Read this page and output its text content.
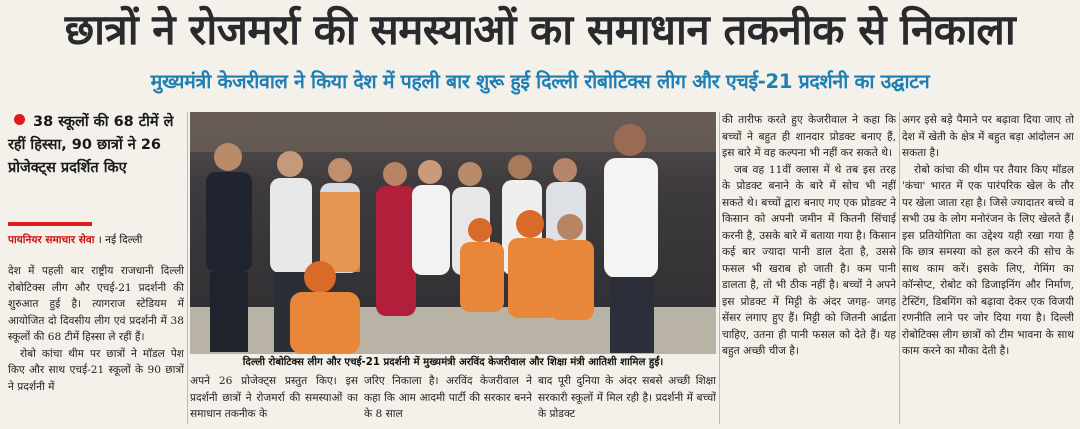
छात्रों ने रोजमर्रा की समस्याओं का समाधान तकनीक से निकाला
मुख्यमंत्री केजरीवाल ने किया देश में पहली बार शुरू हुई दिल्ली रोबोटिक्स लीग और एचई-21 प्रदर्शनी का उद्घाटन
38 स्कूलों की 68 टीमें ले रहीं हिस्सा, 90 छात्रों ने 26 प्रोजेक्ट्स प्रदर्शित किए
पायनियर समाचार सेवा । नई दिल्ली

देश में पहली बार राष्ट्रीय राजधानी दिल्ली रोबोटिक्स लीग और एचई-21 प्रदर्शनी की शुरुआत हुई है। त्यागराज स्टेडियम में आयोजित दो दिवसीय लीग एवं प्रदर्शनी में 38 स्कूलों की 68 टीमें हिस्सा ले रहीं हैं।

रोबो कांचा थीम पर छात्रों ने मॉडल पेश किए और साथ एचई-21 स्कूलों के 90 छात्रों ने प्रदर्शनी में

दिल्ली रोबोटिक्स लीग और एचई-21 प्रदर्शनी में मुख्यमंत्री अरविंद केजरीवाल और शिक्षा मंत्री आतिशी शामिल हुईं।

अपने 26 प्रोजेक्ट्स प्रस्तुत किए। इस प्रदर्शनी छात्रों ने रोजमर्रा की समस्याओं का समाधान तकनीक के

जरिए निकाला है। अरविंद केजरीवाल ने कहा कि आम आदमी पार्टी की सरकार बनने के 8 साल

बाद पूरी दुनिया के अंदर सबसे अच्छी शिक्षा सरकारी स्कूलों में मिल रही है। प्रदर्शनी में बच्चों के प्रोडक्ट

की तारीफ करते हुए केजरीवाल ने कहा कि बच्चों ने बहुत ही शानदार प्रोडक्ट बनाए हैं, इस बारे में वह कल्पना भी नहीं कर सकते थे।

जब वह 11वीं क्लास में थे तब इस तरह के प्रोडक्ट बनाने के बारे में सोच भी नहीं सकते थे। बच्चों द्वारा बनाए गए एक प्रोडक्ट ने किसान को अपनी जमीन में कितनी सिंचाई करनी है, उसके बारे में बताया गया है। किसान कई बार ज्यादा पानी डाल देता है, उससे फसल भी खराब हो जाती है। कम पानी डालता है, तो भी ठीक नहीं है। बच्चों ने अपने इस प्रोडक्ट में मिट्टी के अंदर जगह- जगह सेंसर लगाए हुए हैं। मिट्टी को जितनी आर्द्रता चाहिए, उतना ही पानी फसल को देते हैं। यह बहुत अच्छी चीज है।

अगर इसे बड़े पैमाने पर बढ़ावा दिया जाए तो देश में खेती के क्षेत्र में बहुत बड़ा आंदोलन आ सकता है।

रोबो कांचा की थीम पर तैयार किए मॉडल 'कंचा' भारत में एक पारंपरिक खेल के तौर पर खेला जाता रहा है। जिसे ज्यादातर बच्चे व सभी उम्र के लोग मनोरंजन के लिए खेलते हैं। इस प्रतियोगिता का उद्देश्य यही रखा गया है कि छात्र समस्या को हल करने की सोच के साथ काम करें। इसके लिए, गेमिंग का कॉन्सेप्ट, रोबोट को डिजाइनिंग और निर्माण, टेस्टिंग, डिबगिंग को बढ़ावा देकर एक विजयी रणनीति लाने पर जोर दिया गया है। दिल्ली रोबोटिक्स लीग छात्रों को टीम भावना के साथ काम करने का मौका देती है।
